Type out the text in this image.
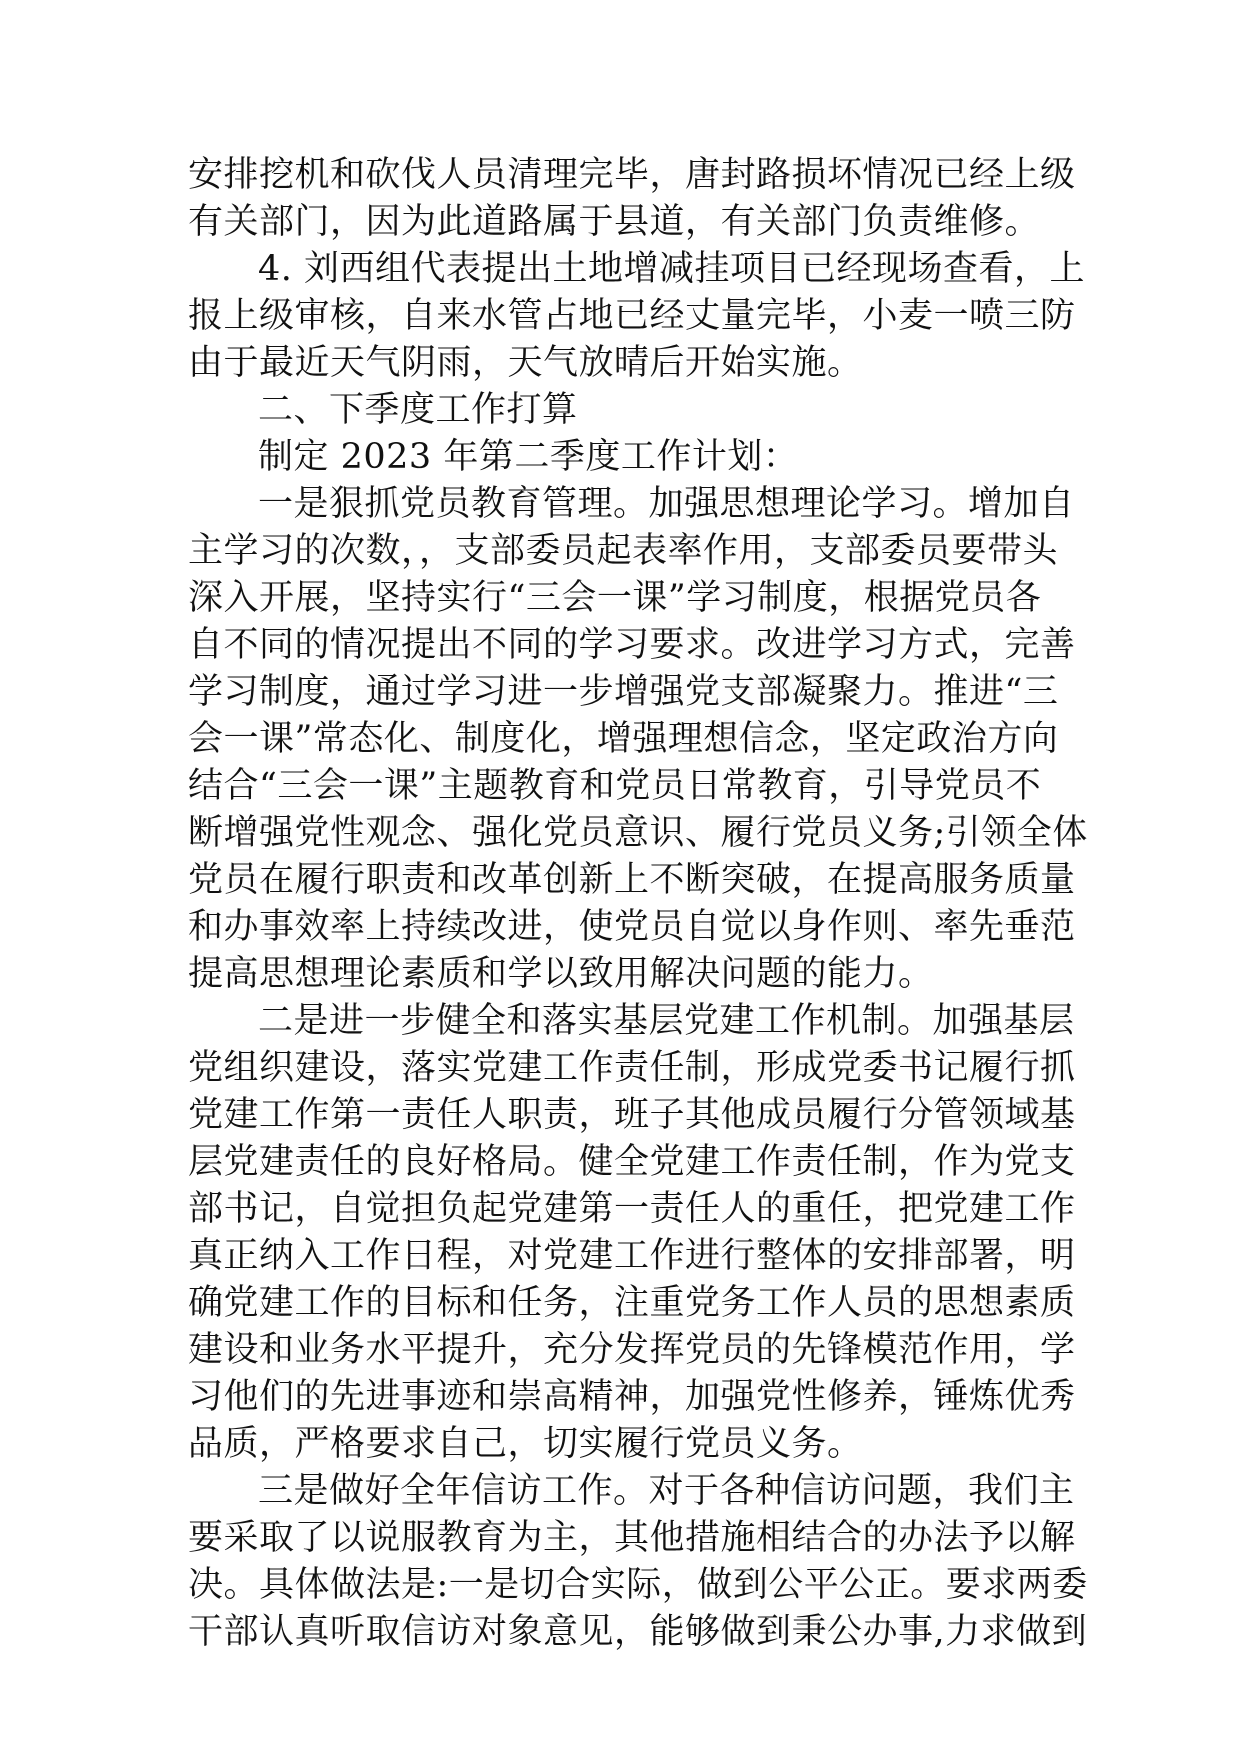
安排挖机和砍伐人员清理完毕，唐封路损坏情况已经上级
有关部门，因为此道路属于县道，有关部门负责维修。
4. 刘西组代表提出土地增减挂项目已经现场查看，上
报上级审核，自来水管占地已经丈量完毕，小麦一喷三防
由于最近天气阴雨，天气放晴后开始实施。
二、下季度工作打算
制定 2023 年第二季度工作计划：
一是狠抓党员教育管理。加强思想理论学习。增加自
主学习的次数，，支部委员起表率作用，支部委员要带头
深入开展，坚持实行“三会一课”学习制度，根据党员各
自不同的情况提出不同的学习要求。改进学习方式，完善
学习制度，通过学习进一步增强党支部凝聚力。推进“三
会一课”常态化、制度化，增强理想信念，坚定政治方向
结合“三会一课”主题教育和党员日常教育，引导党员不
断增强党性观念、强化党员意识、履行党员义务;引领全体
党员在履行职责和改革创新上不断突破，在提高服务质量
和办事效率上持续改进，使党员自觉以身作则、率先垂范
提高思想理论素质和学以致用解决问题的能力。
二是进一步健全和落实基层党建工作机制。加强基层
党组织建设，落实党建工作责任制，形成党委书记履行抓
党建工作第一责任人职责，班子其他成员履行分管领域基
层党建责任的良好格局。健全党建工作责任制，作为党支
部书记，自觉担负起党建第一责任人的重任，把党建工作
真正纳入工作日程，对党建工作进行整体的安排部署，明
确党建工作的目标和任务，注重党务工作人员的思想素质
建设和业务水平提升，充分发挥党员的先锋模范作用，学
习他们的先进事迹和崇高精神，加强党性修养，锤炼优秀
品质，严格要求自己，切实履行党员义务。
三是做好全年信访工作。对于各种信访问题，我们主
要采取了以说服教育为主，其他措施相结合的办法予以解
决。具体做法是:一是切合实际，做到公平公正。要求两委
干部认真听取信访对象意见，能够做到秉公办事,力求做到
